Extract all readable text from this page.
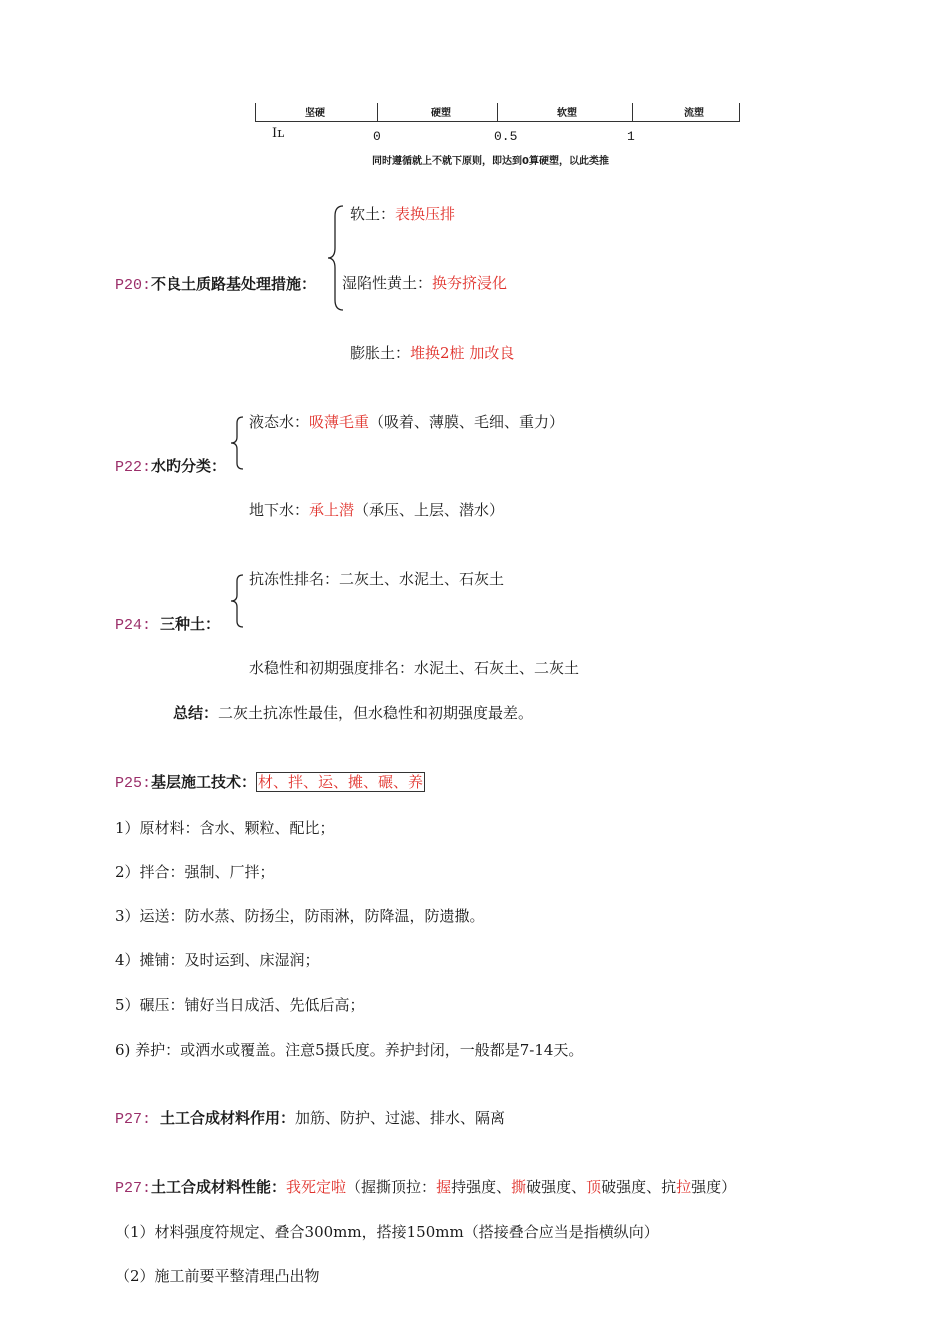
坚硬	硬塑	软塑	流塑
Iʟ	0	0.5	1
同时遵循就上不就下原则，即达到0算硬塑，以此类推
软土：表换压排
P20:不良土质路基处理措施： 湿陷性黄土：换夯挤浸化
膨胀土：堆换2桩 加改良
液态水：吸薄毛重（吸着、薄膜、毛细、重力）
P22:水旳分类：
地下水：承上潜（承压、上层、潜水）
抗冻性排名：二灰土、水泥土、石灰土
P24: 三种土：
水稳性和初期强度排名：水泥土、石灰土、二灰土
总结：二灰土抗冻性最佳，但水稳性和初期强度最差。
P25:基层施工技术： 材、拌、运、摊、碾、养
1）原材料：含水、颗粒、配比；
2）拌合：强制、厂拌；
3）运送：防水蒸、防扬尘，防雨淋，防降温，防遗撒。
4）摊铺：及时运到、床湿润；
5）碾压：铺好当日成活、先低后高；
6) 养护：或洒水或覆盖。注意5摄氏度。养护封闭，一般都是7-14天。
P27: 土工合成材料作用：加筋、防护、过滤、排水、隔离
P27:土工合成材料性能：我死定啦（握撕顶拉：握持强度、撕破强度、顶破强度、抗拉强度）
（1）材料强度符规定、叠合300mm，搭接150mm（搭接叠合应当是指横纵向）
（2）施工前要平整清理凸出物
